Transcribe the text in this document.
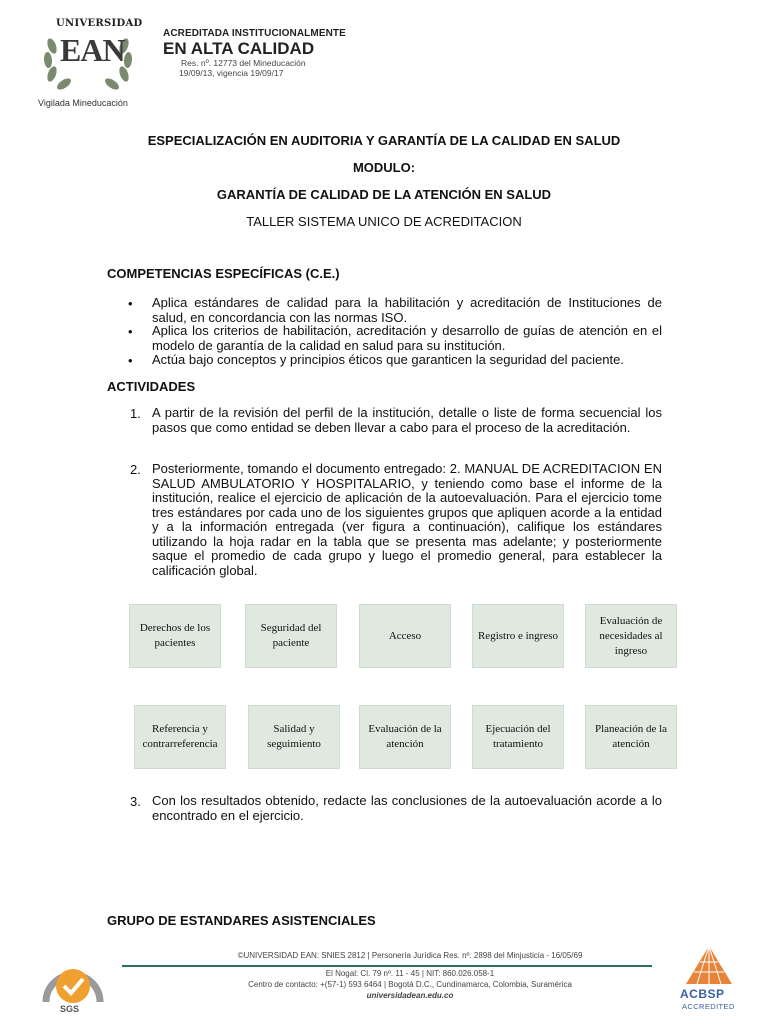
UNIVERSIDAD
EAN
Vigilada Mineducación
ACREDITADA INSTITUCIONALMENTE
EN ALTA CALIDAD
Res. nº. 12773 del Mineducación
19/09/13, vigencia 19/09/17
ESPECIALIZACIÓN EN AUDITORIA Y GARANTÍA DE LA CALIDAD EN SALUD
MODULO:
GARANTÍA DE CALIDAD DE LA ATENCIÓN EN SALUD
TALLER SISTEMA UNICO DE ACREDITACION
COMPETENCIAS ESPECÍFICAS (C.E.)
• Aplica estándares de calidad para la habilitación y acreditación de Instituciones de salud, en concordancia con las normas ISO.
• Aplica los criterios de habilitación, acreditación y desarrollo de guías de atención en el modelo de garantía de la calidad en salud para su institución.
• Actúa bajo conceptos y principios éticos que garanticen la seguridad del paciente.
ACTIVIDADES
1. A partir de la revisión del perfil de la institución, detalle o liste de forma secuencial los pasos que como entidad se deben llevar a cabo para el proceso de la acreditación.
2. Posteriormente, tomando el documento entregado: 2. MANUAL DE ACREDITACION EN SALUD AMBULATORIO Y HOSPITALARIO, y teniendo como base el informe de la institución, realice el ejercicio de aplicación de la autoevaluación. Para el ejercicio tome tres estándares por cada uno de los siguientes grupos que apliquen acorde a la entidad y a la información entregada (ver figura a continuación), califique los estándares utilizando la hoja radar en la tabla que se presenta mas adelante; y posteriormente saque el promedio de cada grupo y luego el promedio general, para establecer la calificación global.
Derechos de los pacientes
Seguridad del paciente
Acceso	Registro e ingreso
Evaluación de necesidades al ingreso
Referencia y contrarreferencia
Salidad y seguimiento
Evaluación de la atención
Ejecuación del tratamiento
Planeación de la atención
3. Con los resultados obtenido, redacte las conclusiones de la autoevaluación acorde a lo encontrado en el ejercicio.
GRUPO DE ESTANDARES ASISTENCIALES
SGS
©UNIVERSIDAD EAN: SNIES 2812 | Personería Jurídica Res. nº. 2898 del Minjusticia - 16/05/69
El Nogal: Cl. 79 nº. 11 - 45 | NIT: 860.026.058-1
Centro de contacto: +(57-1) 593 6464 | Bogotá D.C., Cundinamarca, Colombia, Suramérica
universidadean.edu.co	ACBSP
ACCREDITED
